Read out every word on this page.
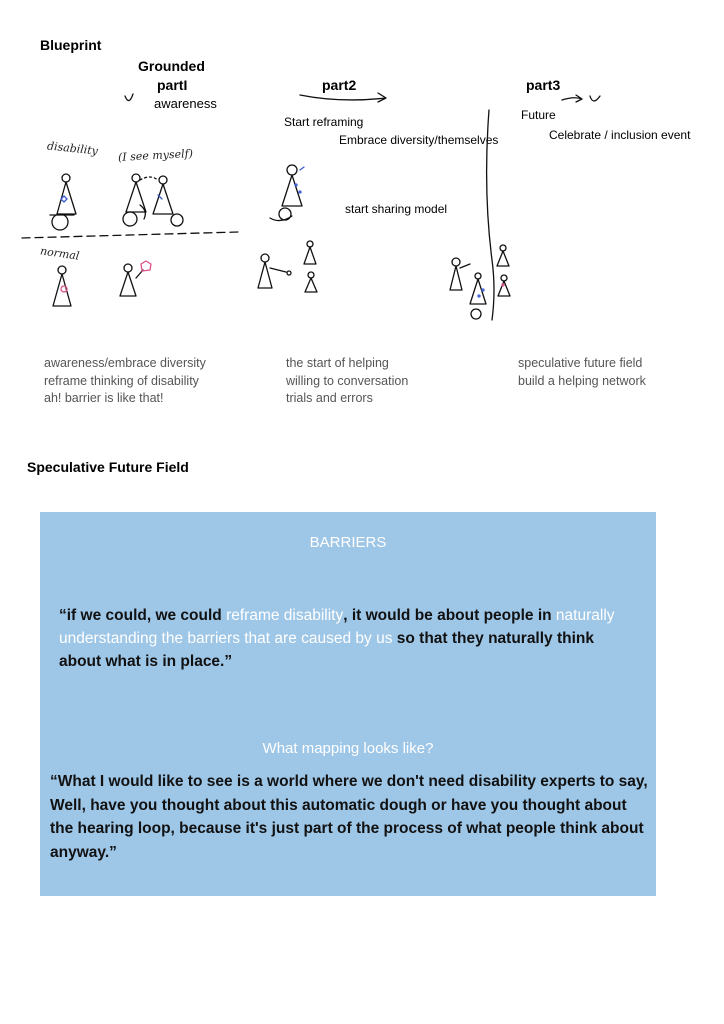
Blueprint
Grounded
partI
awareness
part2	part3
Start reframing
Embrace diversity/themselves
Future
Celebrate / inclusion event
start sharing model
disability (I see myself)
normal
awareness/embrace diversity
reframe thinking of disability
ah! barrier is like that!
the start of helping
willing to conversation
trials and errors
speculative future field
build a helping network
Speculative Future Field
BARRIERS
“if we could, we could reframe disability, it would be about people in naturally understanding the barriers that are caused by us so that they naturally think about what is in place.”
What mapping looks like?
“What I would like to see is a world where we don't need disability experts to say, Well, have you thought about this automatic dough or have you thought about the hearing loop, because it's just part of the process of what people think about anyway.”
